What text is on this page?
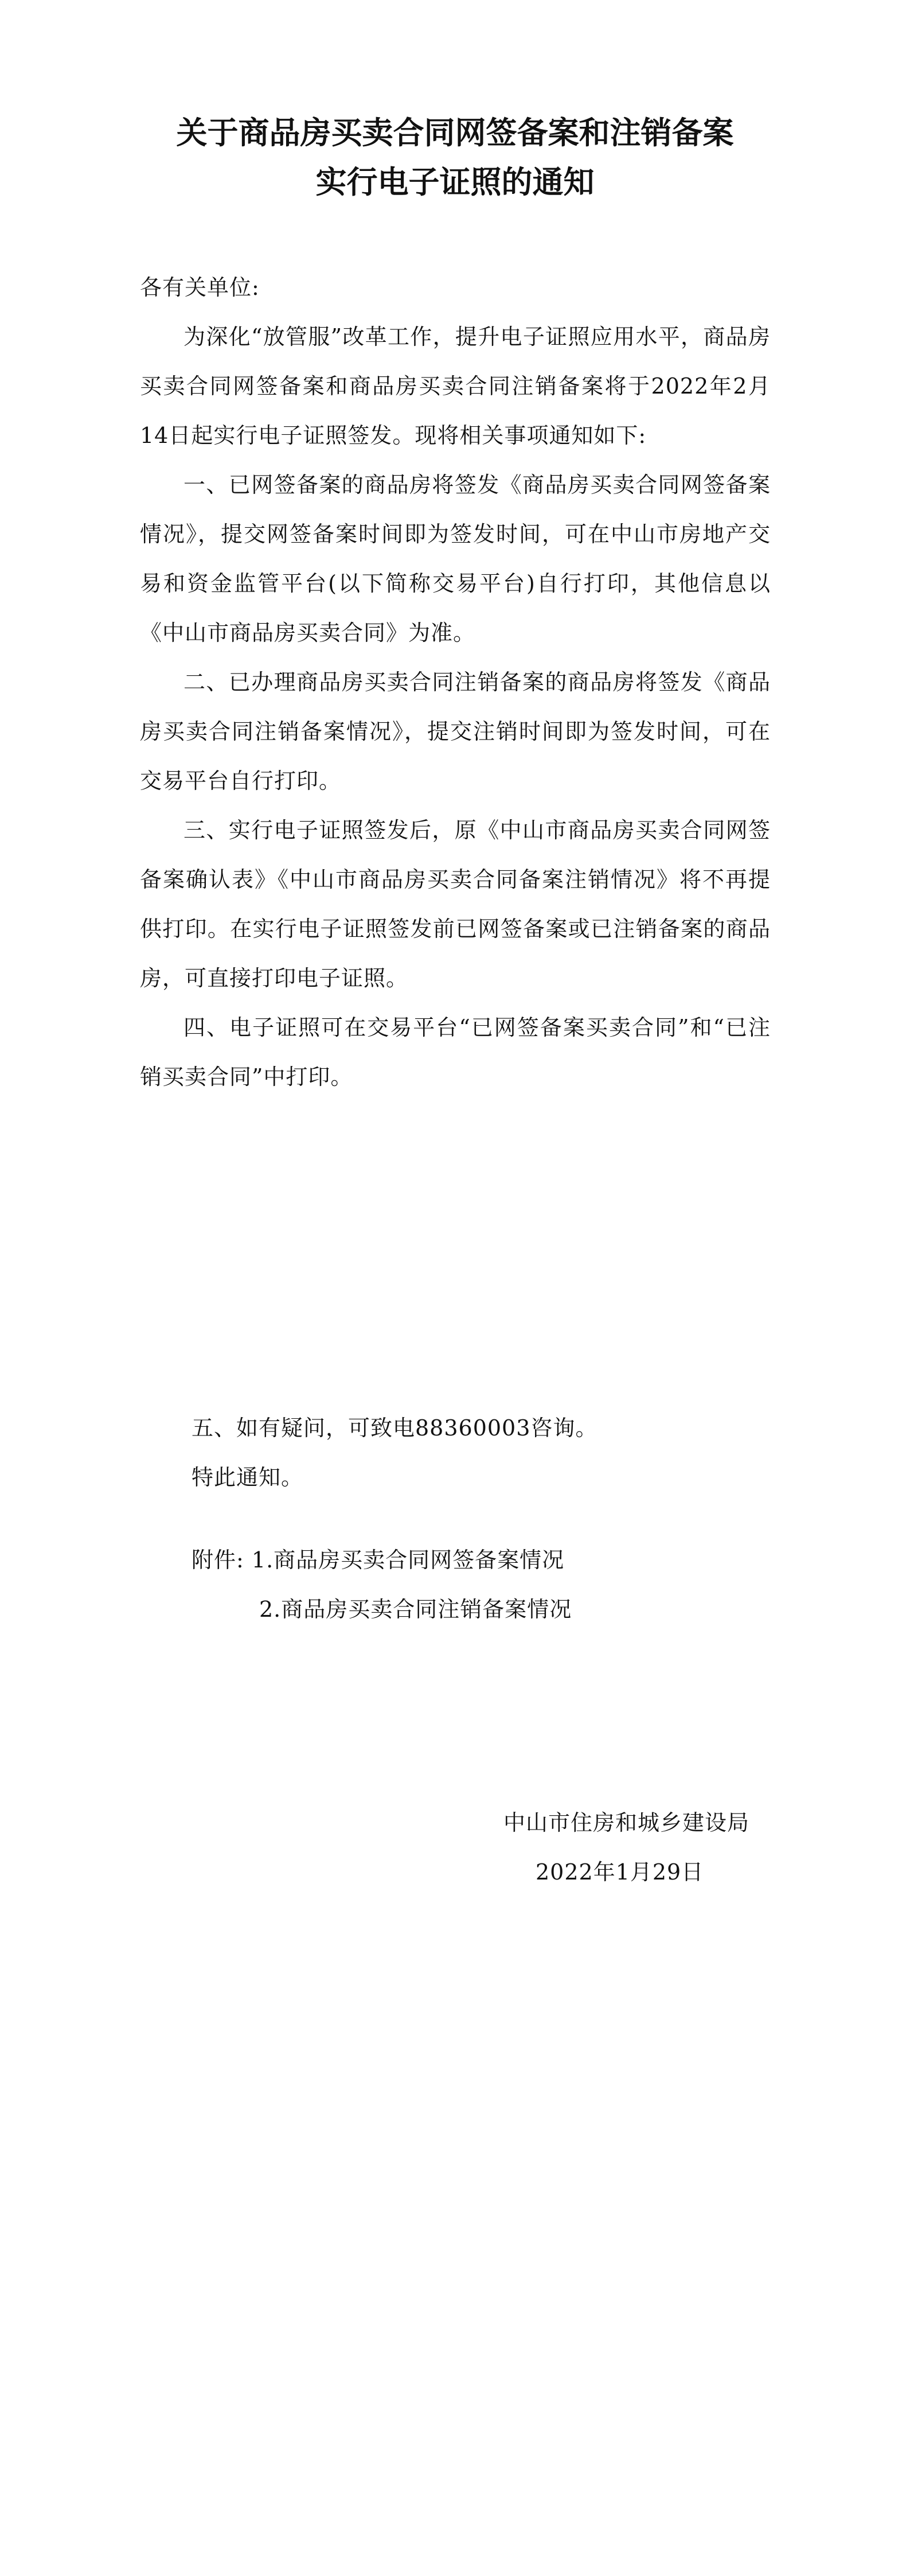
关于商品房买卖合同网签备案和注销备案
实行电子证照的通知

各有关单位:

为深化“放管服”改革工作，提升电子证照应用水平，商品房买卖合同网签备案和商品房买卖合同注销备案将于2022年2月14日起实行电子证照签发。现将相关事项通知如下:

一、已网签备案的商品房将签发《商品房买卖合同网签备案情况》，提交网签备案时间即为签发时间，可在中山市房地产交易和资金监管平台(以下简称交易平台)自行打印，其他信息以《中山市商品房买卖合同》为准。

二、已办理商品房买卖合同注销备案的商品房将签发《商品房买卖合同注销备案情况》，提交注销时间即为签发时间，可在交易平台自行打印。

三、实行电子证照签发后，原《中山市商品房买卖合同网签备案确认表》《中山市商品房买卖合同备案注销情况》将不再提供打印。在实行电子证照签发前已网签备案或已注销备案的商品房，可直接打印电子证照。

四、电子证照可在交易平台“已网签备案买卖合同”和“已注销买卖合同”中打印。

五、如有疑问，可致电88360003咨询。

特此通知。

附件: 1.商品房买卖合同网签备案情况

2.商品房买卖合同注销备案情况

中山市住房和城乡建设局
2022年1月29日
